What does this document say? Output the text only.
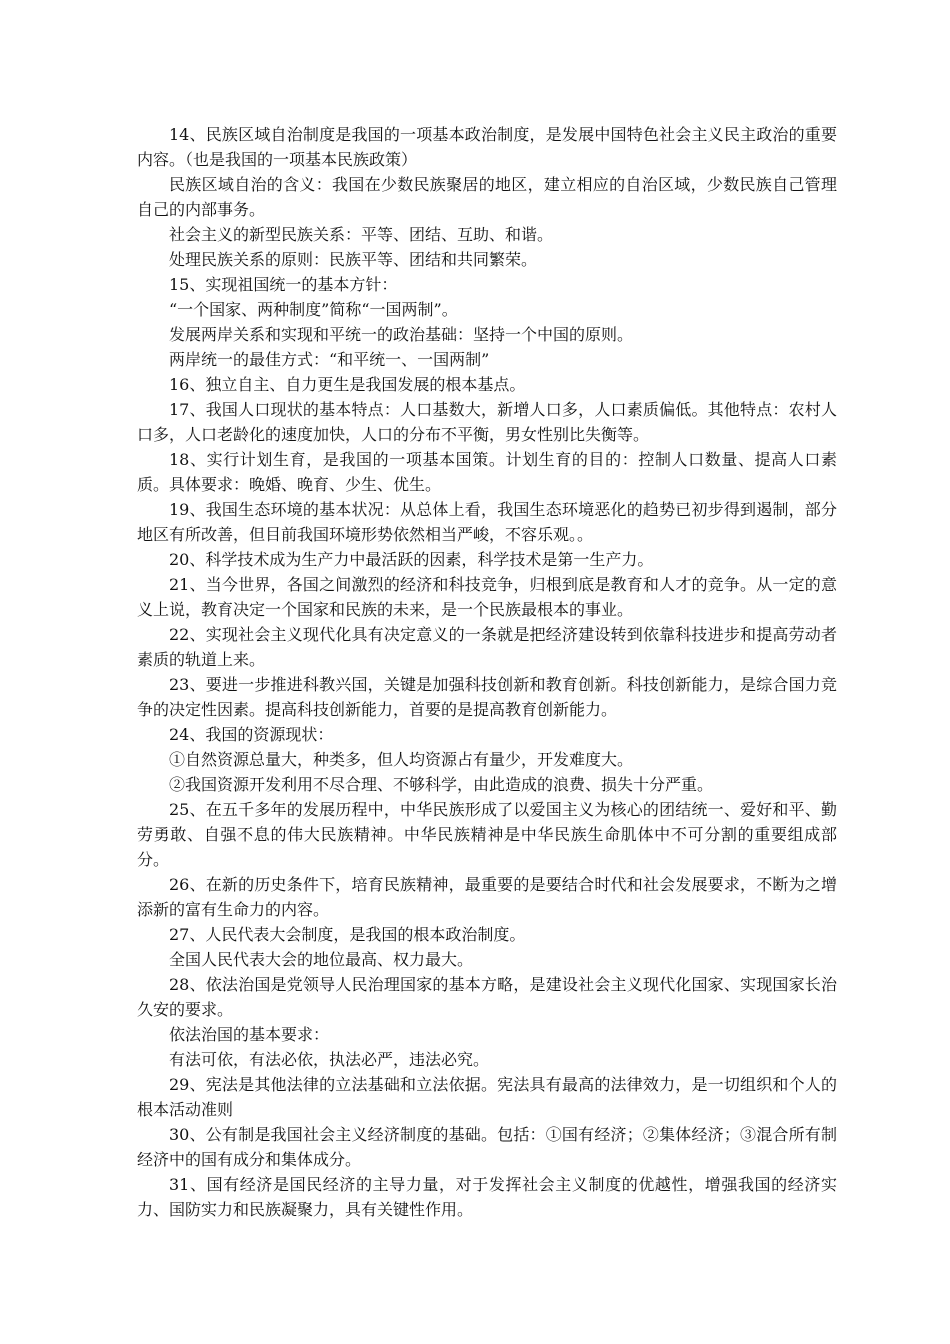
14、民族区域自治制度是我国的一项基本政治制度，是发展中国特色社会主义民主政治的重要内容。（也是我国的一项基本民族政策）

民族区域自治的含义：我国在少数民族聚居的地区，建立相应的自治区域，少数民族自己管理自己的内部事务。

社会主义的新型民族关系：平等、团结、互助、和谐。

处理民族关系的原则：民族平等、团结和共同繁荣。

15、实现祖国统一的基本方针：

“一个国家、两种制度”简称“一国两制”。

发展两岸关系和实现和平统一的政治基础：坚持一个中国的原则。

两岸统一的最佳方式：“和平统一、一国两制”

16、独立自主、自力更生是我国发展的根本基点。

17、我国人口现状的基本特点：人口基数大，新增人口多，人口素质偏低。其他特点：农村人口多，人口老龄化的速度加快，人口的分布不平衡，男女性别比失衡等。

18、实行计划生育，是我国的一项基本国策。计划生育的目的：控制人口数量、提高人口素质。具体要求：晚婚、晚育、少生、优生。

19、我国生态环境的基本状况：从总体上看，我国生态环境恶化的趋势已初步得到遏制，部分地区有所改善，但目前我国环境形势依然相当严峻，不容乐观。。

20、科学技术成为生产力中最活跃的因素，科学技术是第一生产力。

21、当今世界，各国之间激烈的经济和科技竞争，归根到底是教育和人才的竞争。从一定的意义上说，教育决定一个国家和民族的未来，是一个民族最根本的事业。

22、实现社会主义现代化具有决定意义的一条就是把经济建设转到依靠科技进步和提高劳动者素质的轨道上来。

23、要进一步推进科教兴国，关键是加强科技创新和教育创新。科技创新能力，是综合国力竞争的决定性因素。提高科技创新能力，首要的是提高教育创新能力。

24、我国的资源现状：

①自然资源总量大，种类多，但人均资源占有量少，开发难度大。

②我国资源开发利用不尽合理、不够科学，由此造成的浪费、损失十分严重。

25、在五千多年的发展历程中，中华民族形成了以爱国主义为核心的团结统一、爱好和平、勤劳勇敢、自强不息的伟大民族精神。中华民族精神是中华民族生命肌体中不可分割的重要组成部分。

26、在新的历史条件下，培育民族精神，最重要的是要结合时代和社会发展要求，不断为之增添新的富有生命力的内容。

27、人民代表大会制度，是我国的根本政治制度。

全国人民代表大会的地位最高、权力最大。

28、依法治国是党领导人民治理国家的基本方略，是建设社会主义现代化国家、实现国家长治久安的要求。

依法治国的基本要求：

有法可依，有法必依，执法必严，违法必究。

29、宪法是其他法律的立法基础和立法依据。宪法具有最高的法律效力，是一切组织和个人的根本活动准则

30、公有制是我国社会主义经济制度的基础。包括：①国有经济；②集体经济；③混合所有制经济中的国有成分和集体成分。

31、国有经济是国民经济的主导力量，对于发挥社会主义制度的优越性，增强我国的经济实力、国防实力和民族凝聚力，具有关键性作用。
